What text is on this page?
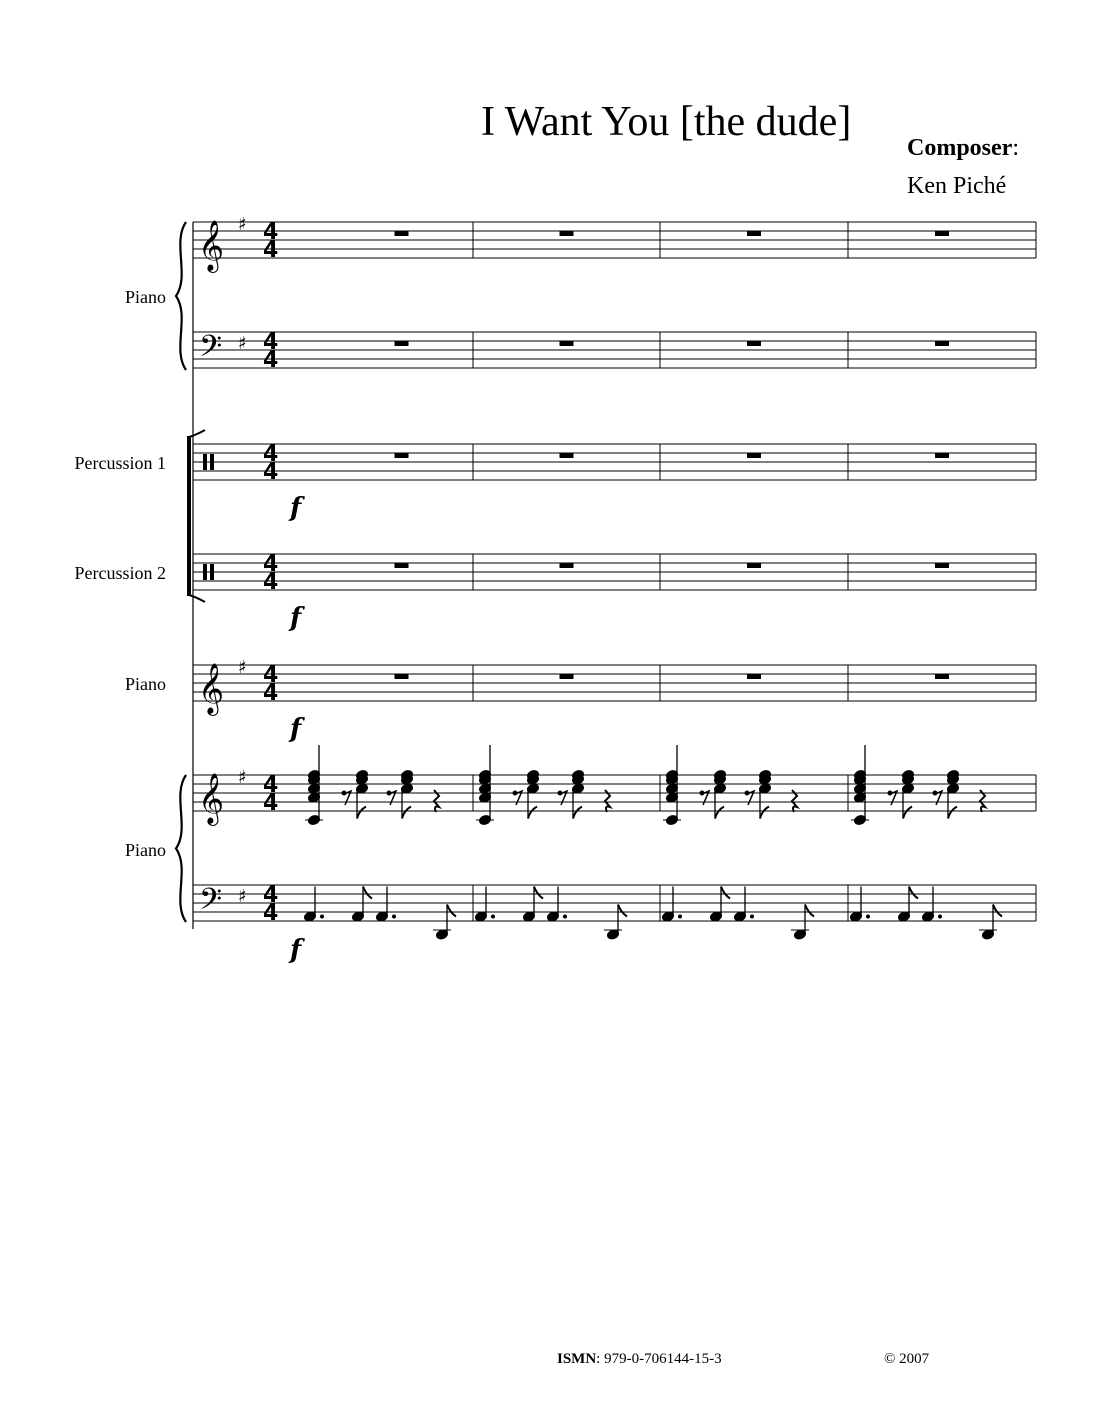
I Want You [the dude]
Composer:
Ken Piché
Piano
Percussion 1
Percussion 2
Piano
Piano
𝄞 ♯ 4
4
𝄢 ♯ 4
4
4
4
4
4
𝄞 ♯ 4
4
𝄞 ♯ 4
4
𝄢 ♯ 4
4
f
f
f
f
ISMN: 979-0-706144-15-3	© 2007
